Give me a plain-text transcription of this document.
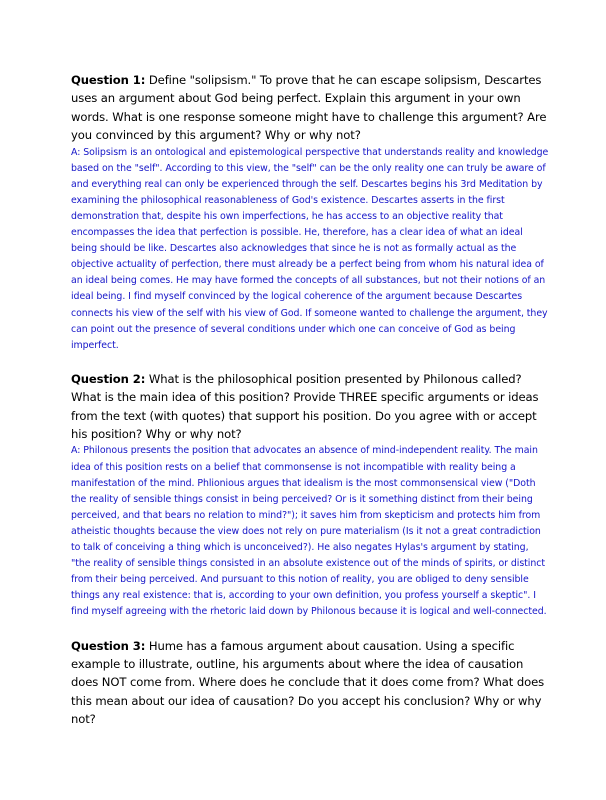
Question 1: Define "solipsism." To prove that he can escape solipsism, Descartes uses an argument about God being perfect. Explain this argument in your own words. What is one response someone might have to challenge this argument? Are you convinced by this argument? Why or why not?

A: Solipsism is an ontological and epistemological perspective that understands reality and knowledge based on the "self". According to this view, the "self" can be the only reality one can truly be aware of and everything real can only be experienced through the self. Descartes begins his 3rd Meditation by examining the philosophical reasonableness of God's existence. Descartes asserts in the first demonstration that, despite his own imperfections, he has access to an objective reality that encompasses the idea that perfection is possible. He, therefore, has a clear idea of what an ideal being should be like. Descartes also acknowledges that since he is not as formally actual as the objective actuality of perfection, there must already be a perfect being from whom his natural idea of an ideal being comes. He may have formed the concepts of all substances, but not their notions of an ideal being. I find myself convinced by the logical coherence of the argument because Descartes connects his view of the self with his view of God. If someone wanted to challenge the argument, they can point out the presence of several conditions under which one can conceive of God as being imperfect.

Question 2: What is the philosophical position presented by Philonous called? What is the main idea of this position? Provide THREE specific arguments or ideas from the text (with quotes) that support his position. Do you agree with or accept his position? Why or why not?

A: Philonous presents the position that advocates an absence of mind-independent reality. The main idea of this position rests on a belief that commonsense is not incompatible with reality being a manifestation of the mind. Phlionious argues that idealism is the most commonsensical view ("Doth the reality of sensible things consist in being perceived? Or is it something distinct from their being perceived, and that bears no relation to mind?"); it saves him from skepticism and protects him from atheistic thoughts because the view does not rely on pure materialism (Is it not a great contradiction to talk of conceiving a thing which is unconceived?). He also negates Hylas's argument by stating, "the reality of sensible things consisted in an absolute existence out of the minds of spirits, or distinct from their being perceived. And pursuant to this notion of reality, you are obliged to deny sensible things any real existence: that is, according to your own definition, you profess yourself a skeptic". I find myself agreeing with the rhetoric laid down by Philonous because it is logical and well-connected.

Question 3: Hume has a famous argument about causation. Using a specific example to illustrate, outline, his arguments about where the idea of causation does NOT come from. Where does he conclude that it does come from? What does this mean about our idea of causation? Do you accept his conclusion? Why or why not?
